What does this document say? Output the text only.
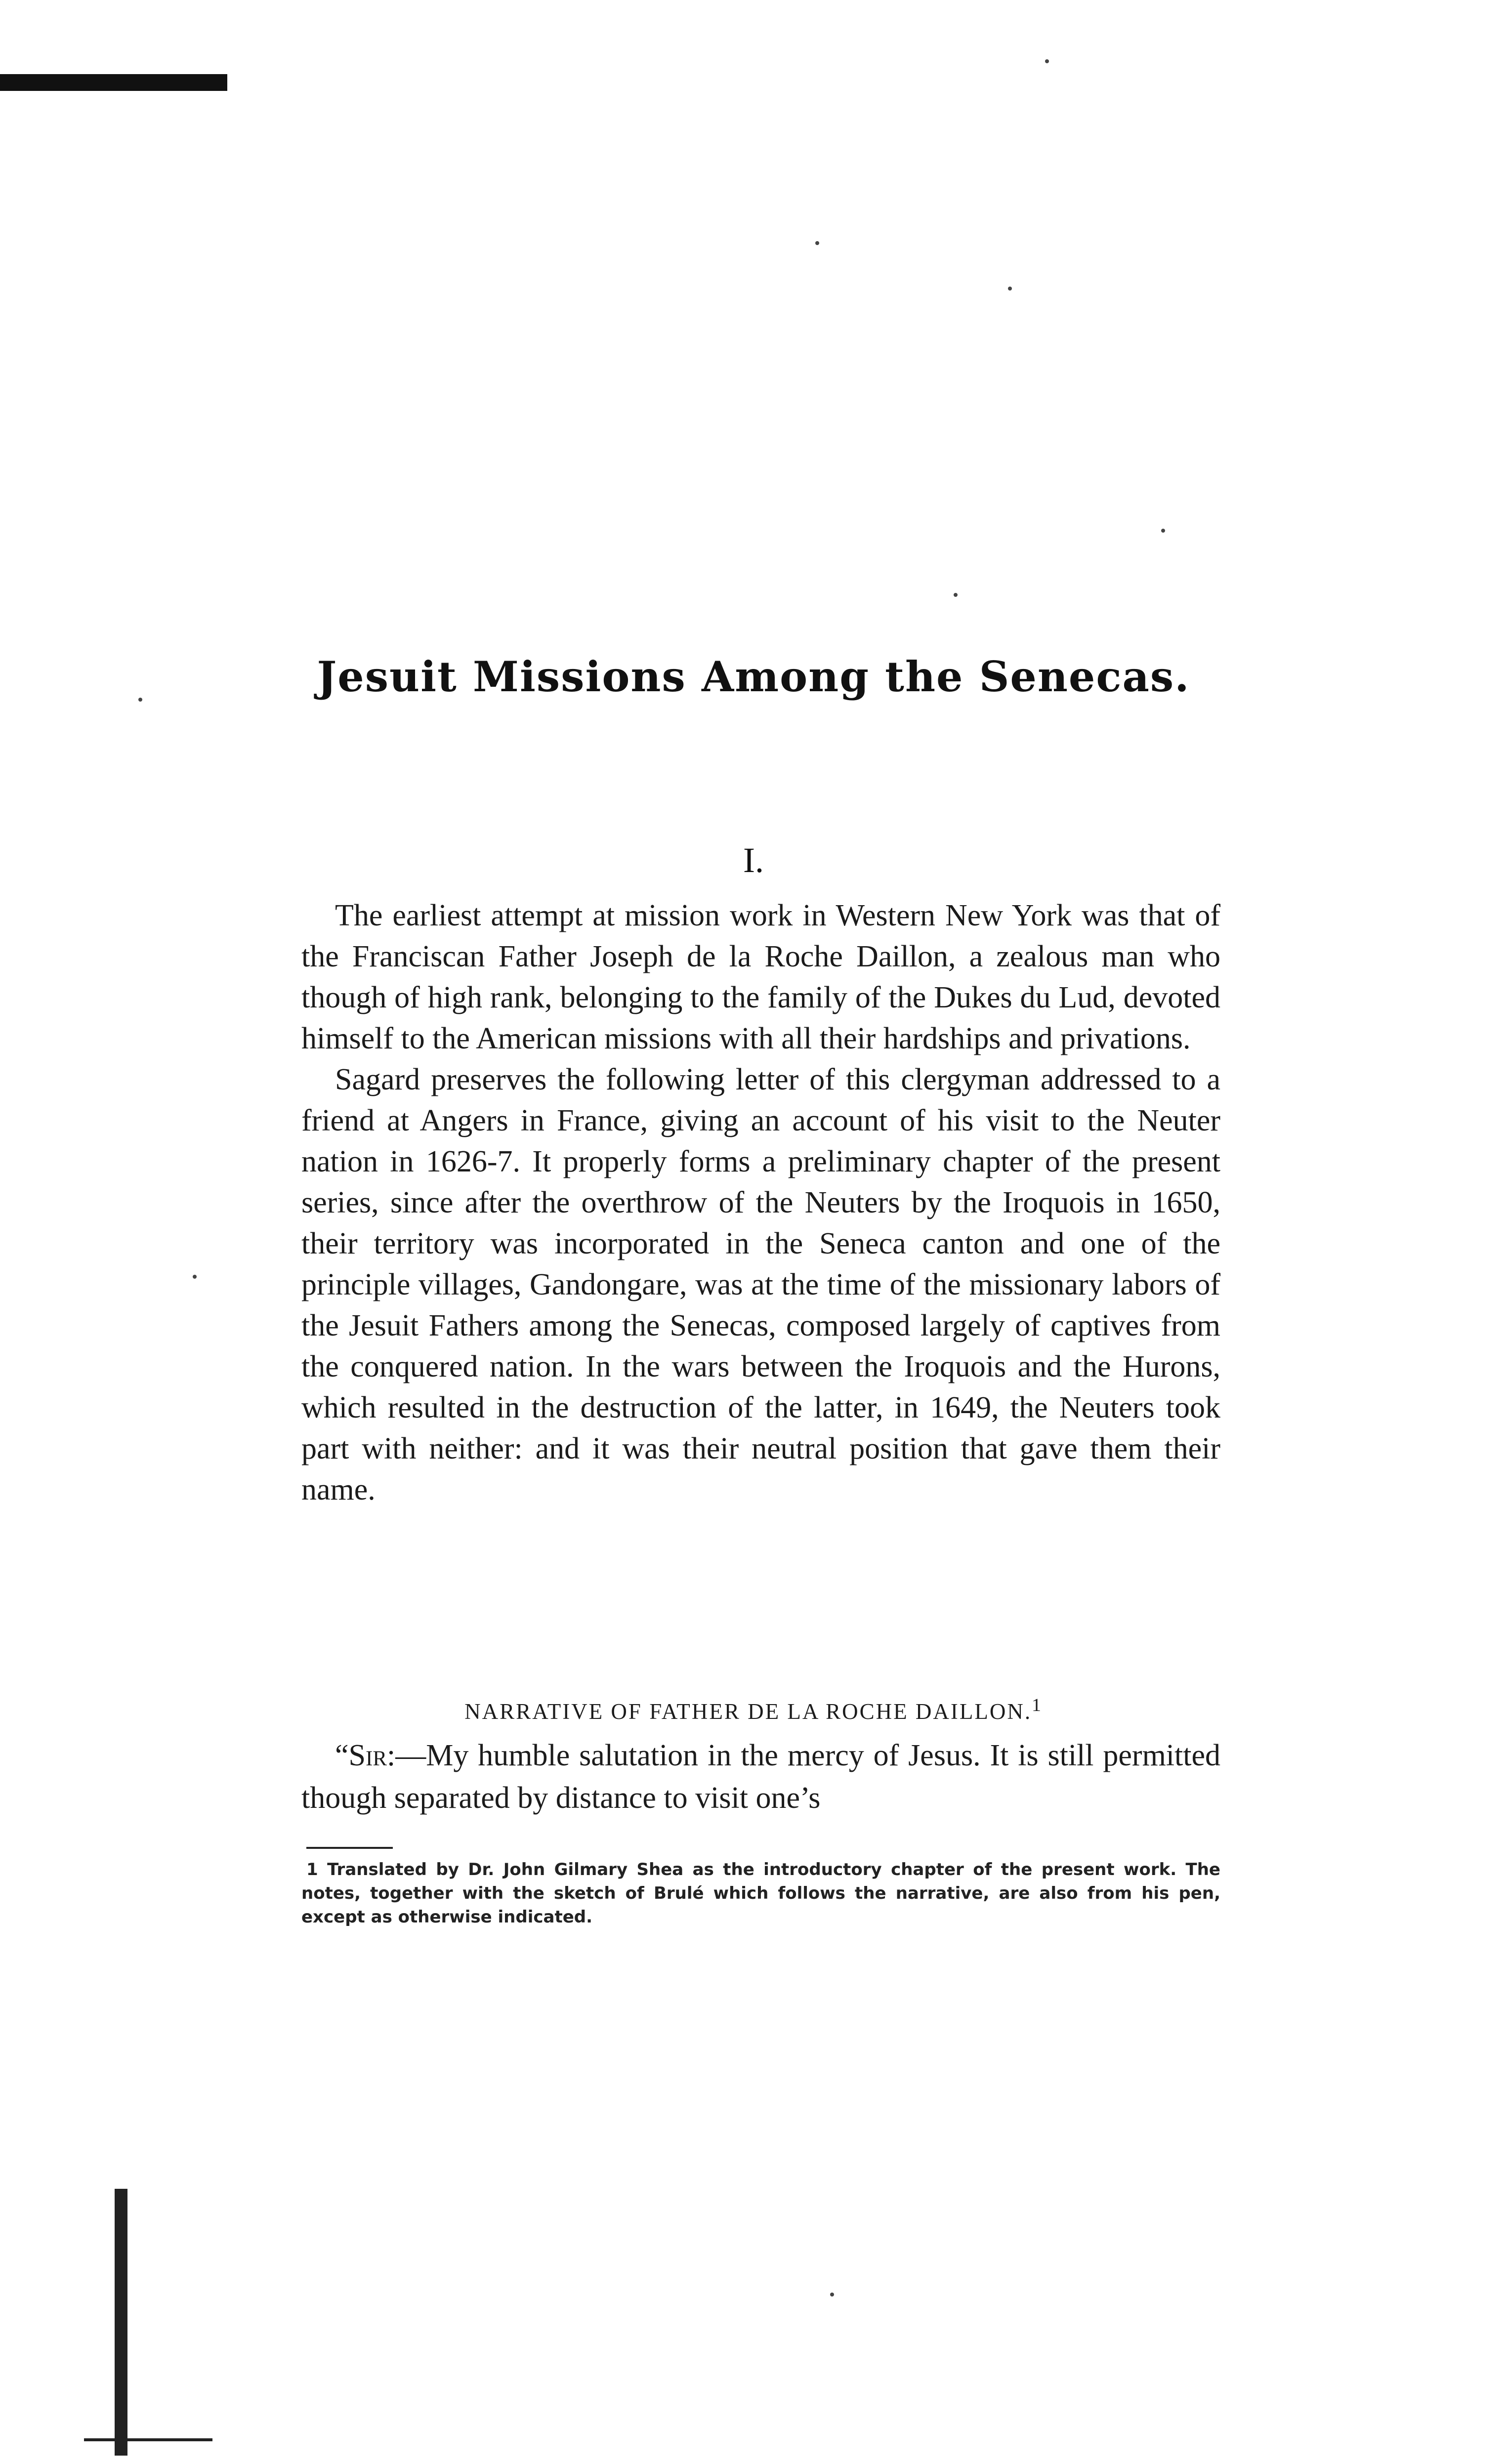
Jesuit Missions Among the Senecas.
I.

The earliest attempt at mission work in Western New York was that of the Franciscan Father Joseph de la Roche Daillon, a zealous man who though of high rank, belonging to the family of the Dukes du Lud, devoted himself to the American missions with all their hardships and privations.

Sagard preserves the following letter of this clergyman addressed to a friend at Angers in France, giving an account of his visit to the Neuter nation in 1626-7. It properly forms a preliminary chapter of the present series, since after the overthrow of the Neuters by the Iroquois in 1650, their territory was incorporated in the Seneca canton and one of the principle villages, Gandongare, was at the time of the missionary labors of the Jesuit Fathers among the Senecas, composed largely of captives from the conquered nation. In the wars between the Iroquois and the Hurons, which resulted in the destruction of the latter, in 1649, the Neuters took part with neither: and it was their neutral position that gave them their name.

NARRATIVE OF FATHER DE LA ROCHE DAILLON.$^1$

“Sir:—My humble salutation in the mercy of Jesus. It is still permitted though separated by distance to visit one’s

1 Translated by Dr. John Gilmary Shea as the introductory chapter of the present work. The notes, together with the sketch of Brulé which follows the narrative, are also from his pen, except as otherwise indicated.
